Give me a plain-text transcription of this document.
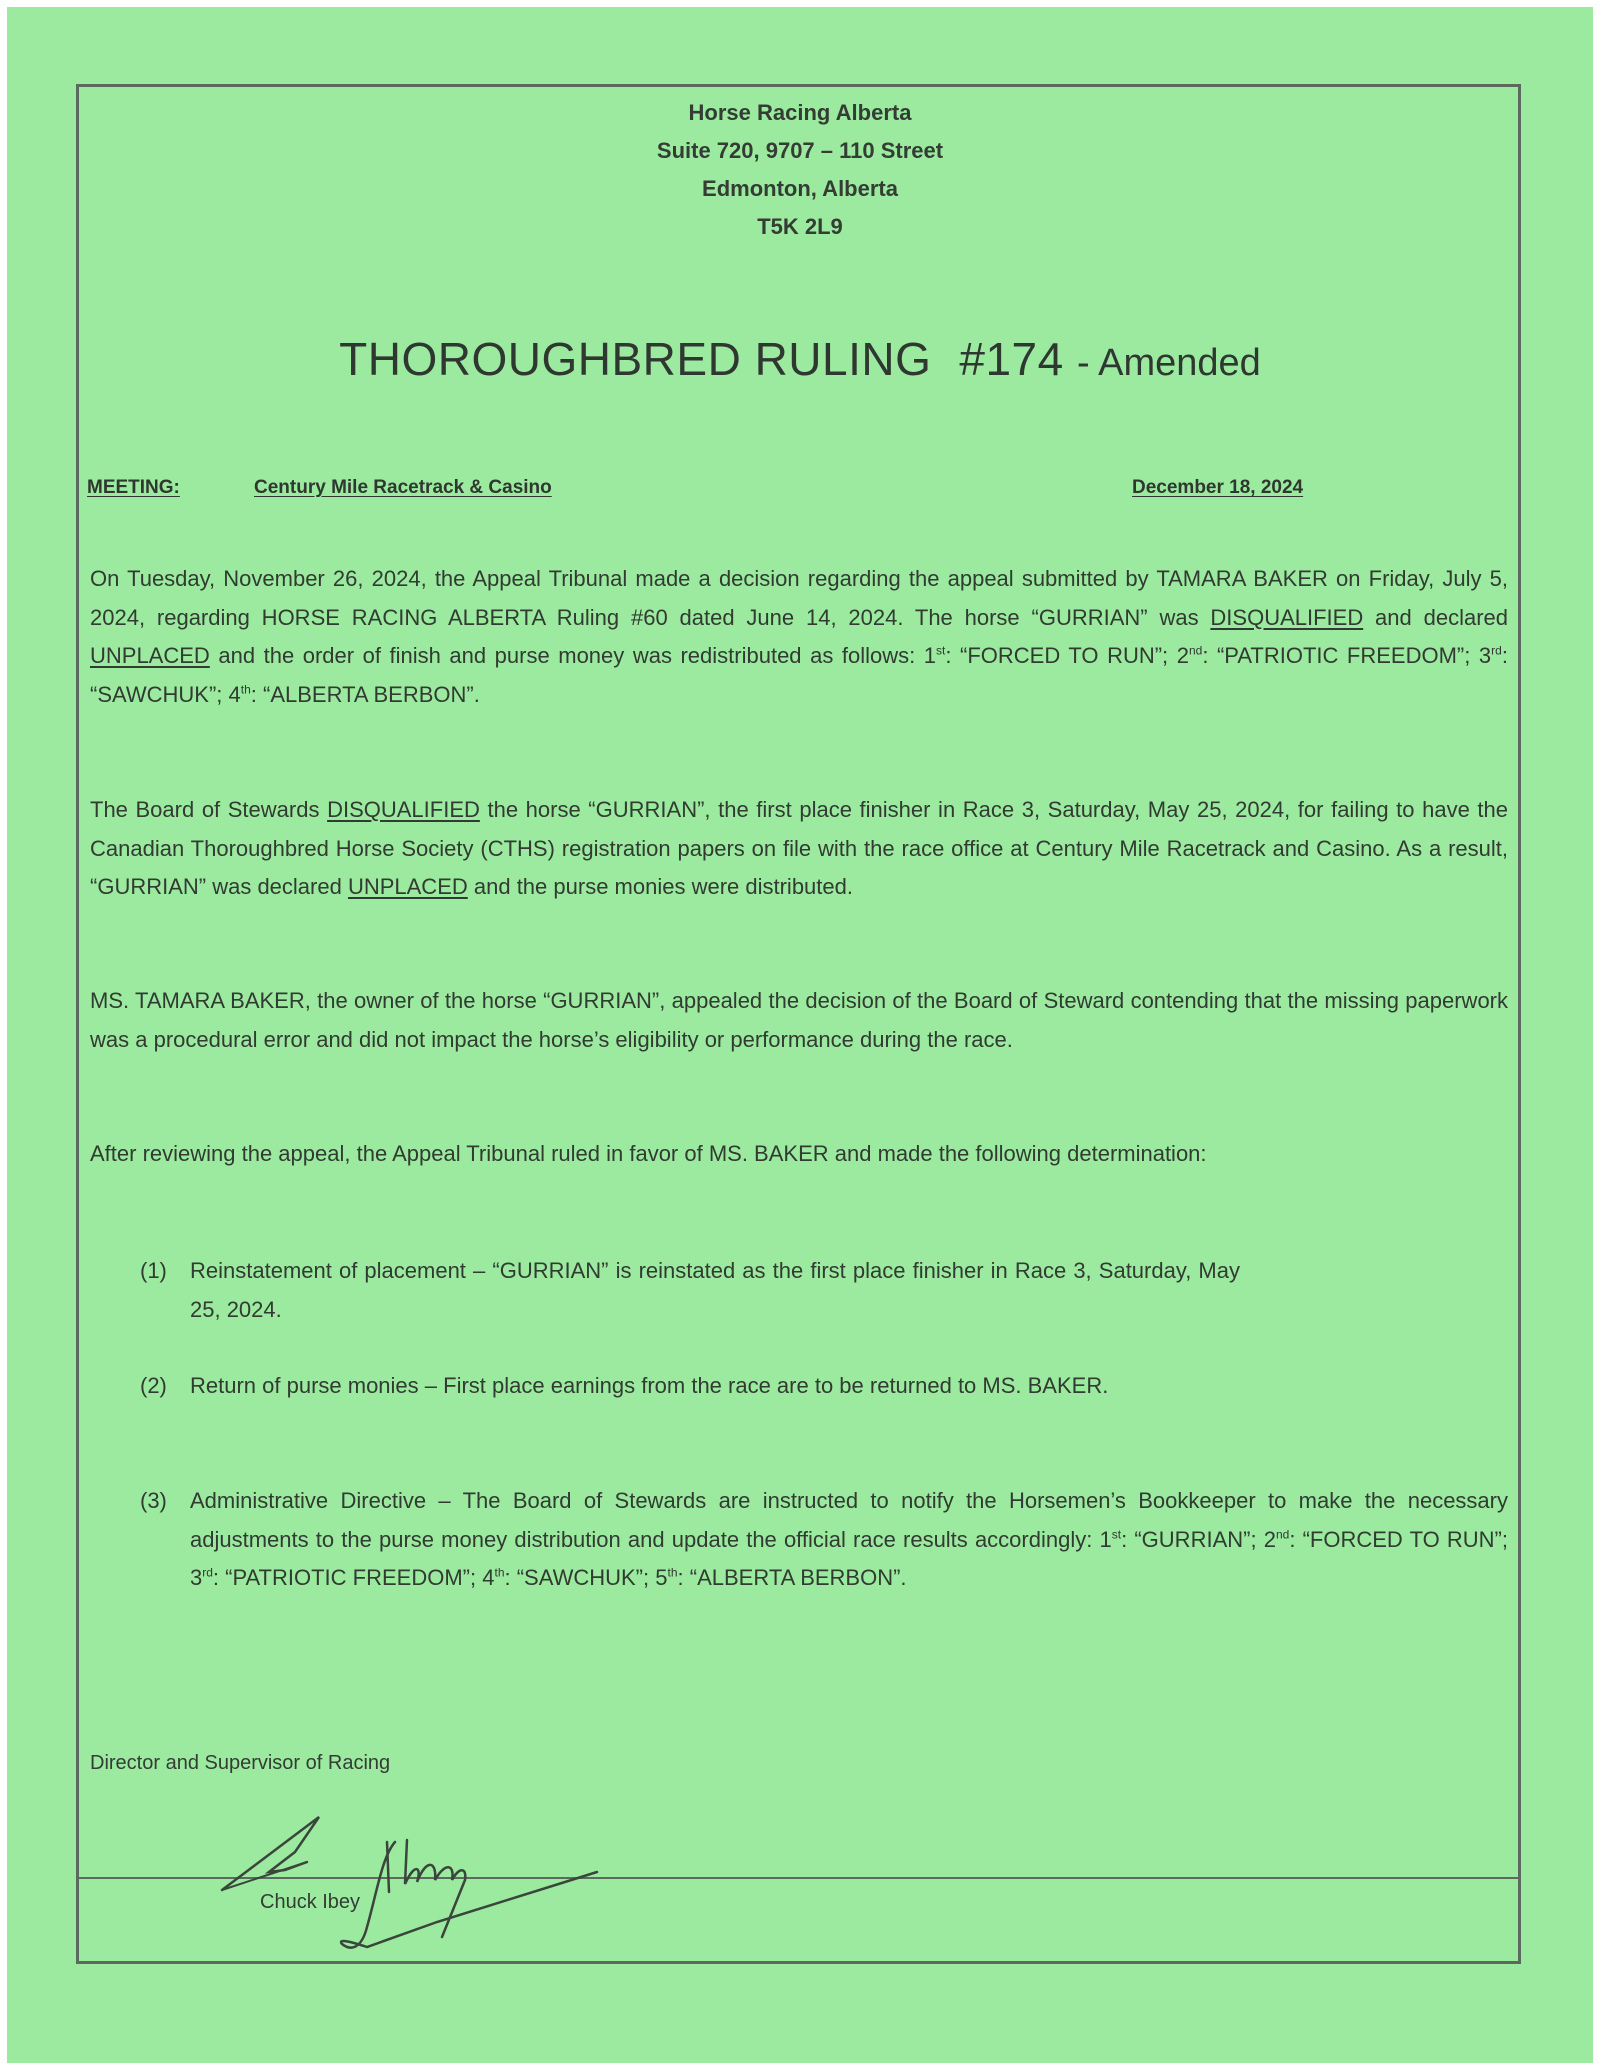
Horse Racing Alberta
Suite 720, 9707 – 110 Street
Edmonton, Alberta
T5K 2L9
THOROUGHBRED RULING #174 - Amended
MEETING:	Century Mile Racetrack & Casino	December 18, 2024
On Tuesday, November 26, 2024, the Appeal Tribunal made a decision regarding the appeal submitted by TAMARA BAKER on Friday, July 5, 2024, regarding HORSE RACING ALBERTA Ruling #60 dated June 14, 2024. The horse “GURRIAN” was DISQUALIFIED and declared UNPLACED and the order of finish and purse money was redistributed as follows: 1st: “FORCED TO RUN”; 2nd: “PATRIOTIC FREEDOM”; 3rd: “SAWCHUK”; 4th: “ALBERTA BERBON”.
The Board of Stewards DISQUALIFIED the horse “GURRIAN”, the first place finisher in Race 3, Saturday, May 25, 2024, for failing to have the Canadian Thoroughbred Horse Society (CTHS) registration papers on file with the race office at Century Mile Racetrack and Casino. As a result, “GURRIAN” was declared UNPLACED and the purse monies were distributed.
MS. TAMARA BAKER, the owner of the horse “GURRIAN”, appealed the decision of the Board of Steward contending that the missing paperwork was a procedural error and did not impact the horse’s eligibility or performance during the race.
After reviewing the appeal, the Appeal Tribunal ruled in favor of MS. BAKER and made the following determination:
(1) Reinstatement of placement – “GURRIAN” is reinstated as the first place finisher in Race 3, Saturday, May 25, 2024.
(2) Return of purse monies – First place earnings from the race are to be returned to MS. BAKER.
(3) Administrative Directive – The Board of Stewards are instructed to notify the Horsemen’s Bookkeeper to make the necessary adjustments to the purse money distribution and update the official race results accordingly: 1st: “GURRIAN”; 2nd: “FORCED TO RUN”; 3rd: “PATRIOTIC FREEDOM”; 4th: “SAWCHUK”; 5th: “ALBERTA BERBON”.
Director and Supervisor of Racing
Chuck Ibey
